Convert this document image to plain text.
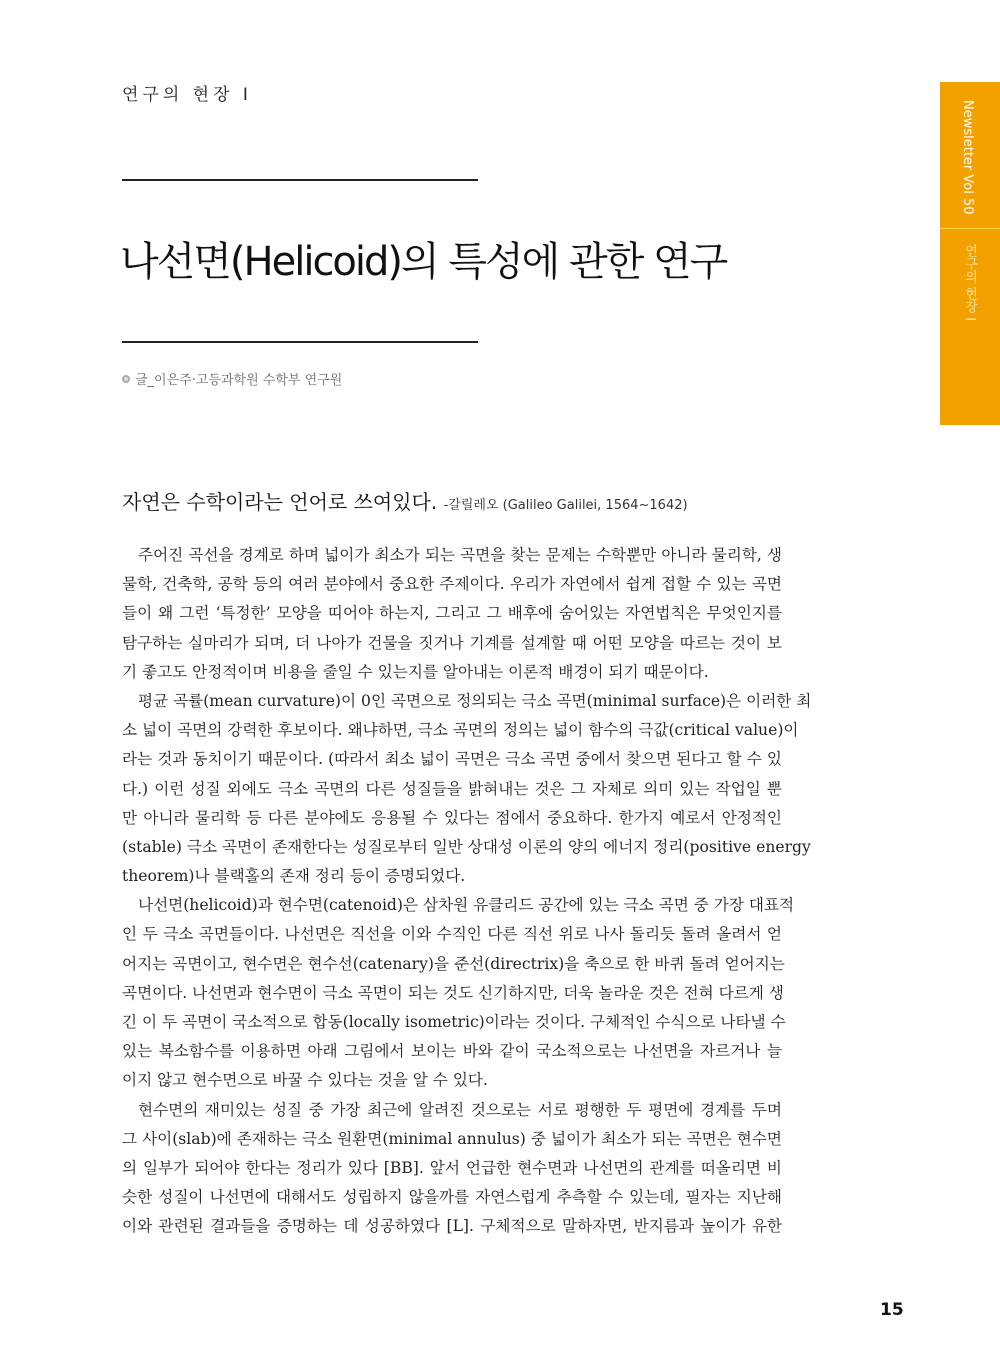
연구의 현장 I
나선면(Helicoid)의 특성에 관한 연구
글_이은주·고등과학원 수학부 연구원
자연은 수학이라는 언어로 쓰여있다. -갈릴레오 (Galileo Galilei, 1564~1642)
주어진 곡선을 경계로 하며 넓이가 최소가 되는 곡면을 찾는 문제는 수학뿐만 아니라 물리학, 생
물학, 건축학, 공학 등의 여러 분야에서 중요한 주제이다. 우리가 자연에서 쉽게 접할 수 있는 곡면
들이 왜 그런 ‘특정한’ 모양을 띠어야 하는지, 그리고 그 배후에 숨어있는 자연법칙은 무엇인지를
탐구하는 실마리가 되며, 더 나아가 건물을 짓거나 기계를 설계할 때 어떤 모양을 따르는 것이 보
기 좋고도 안정적이며 비용을 줄일 수 있는지를 알아내는 이론적 배경이 되기 때문이다.
평균 곡률(mean curvature)이 0인 곡면으로 정의되는 극소 곡면(minimal surface)은 이러한 최
소 넓이 곡면의 강력한 후보이다. 왜냐하면, 극소 곡면의 정의는 넓이 함수의 극값(critical value)이
라는 것과 동치이기 때문이다. (따라서 최소 넓이 곡면은 극소 곡면 중에서 찾으면 된다고 할 수 있
다.) 이런 성질 외에도 극소 곡면의 다른 성질들을 밝혀내는 것은 그 자체로 의미 있는 작업일 뿐
만 아니라 물리학 등 다른 분야에도 응용될 수 있다는 점에서 중요하다. 한가지 예로서 안정적인
(stable) 극소 곡면이 존재한다는 성질로부터 일반 상대성 이론의 양의 에너지 정리(positive energy
theorem)나 블랙홀의 존재 정리 등이 증명되었다.
나선면(helicoid)과 현수면(catenoid)은 삼차원 유클리드 공간에 있는 극소 곡면 중 가장 대표적
인 두 극소 곡면들이다. 나선면은 직선을 이와 수직인 다른 직선 위로 나사 돌리듯 돌려 올려서 얻
어지는 곡면이고, 현수면은 현수선(catenary)을 준선(directrix)을 축으로 한 바퀴 돌려 얻어지는
곡면이다. 나선면과 현수면이 극소 곡면이 되는 것도 신기하지만, 더욱 놀라운 것은 전혀 다르게 생
긴 이 두 곡면이 국소적으로 합동(locally isometric)이라는 것이다. 구체적인 수식으로 나타낼 수
있는 복소함수를 이용하면 아래 그림에서 보이는 바와 같이 국소적으로는 나선면을 자르거나 늘
이지 않고 현수면으로 바꿀 수 있다는 것을 알 수 있다.
현수면의 재미있는 성질 중 가장 최근에 알려진 것으로는 서로 평행한 두 평면에 경계를 두며
그 사이(slab)에 존재하는 극소 원환면(minimal annulus) 중 넓이가 최소가 되는 곡면은 현수면
의 일부가 되어야 한다는 정리가 있다 [BB]. 앞서 언급한 현수면과 나선면의 관계를 떠올리면 비
슷한 성질이 나선면에 대해서도 성립하지 않을까를 자연스럽게 추측할 수 있는데, 필자는 지난해
이와 관련된 결과들을 증명하는 데 성공하였다 [L]. 구체적으로 말하자면, 반지름과 높이가 유한
Newsletter Vol 50
연구의 현장 I
15
